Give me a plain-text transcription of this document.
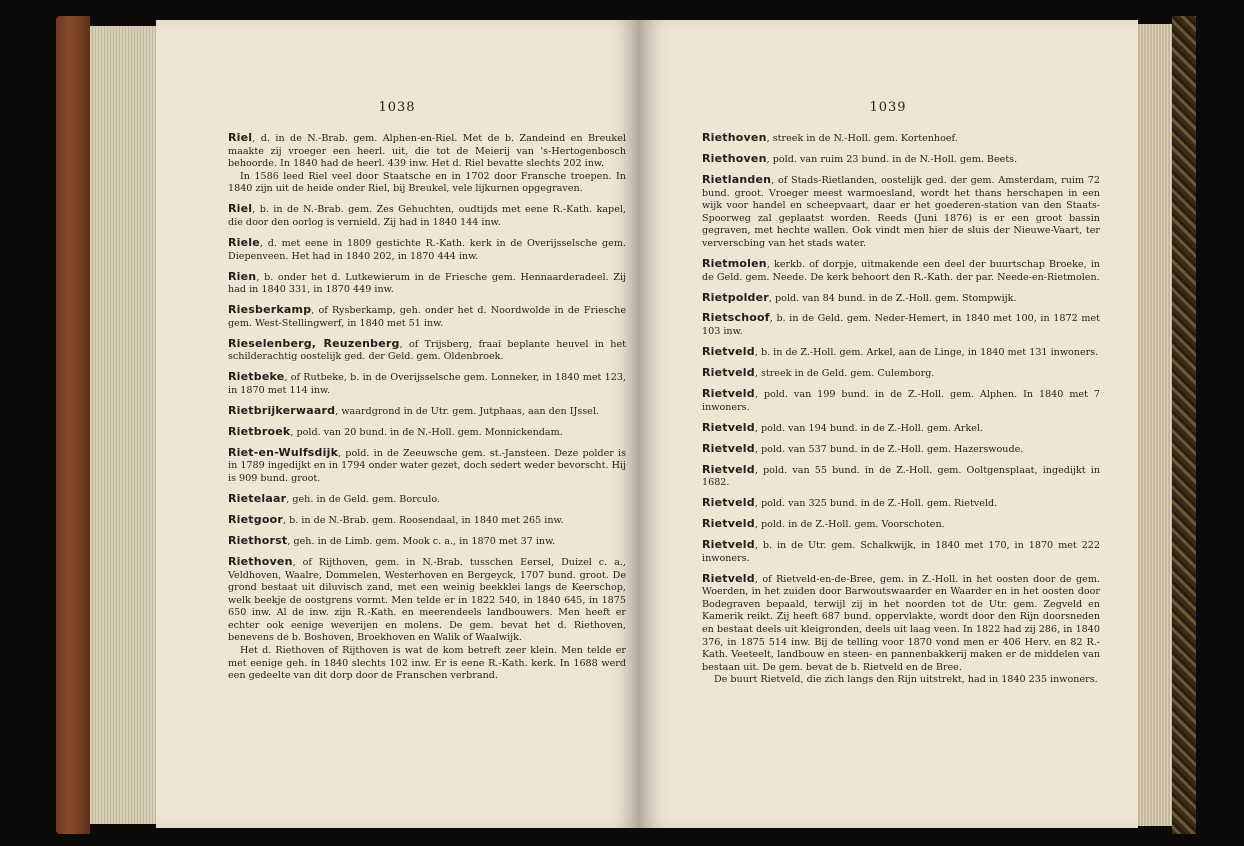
1038

Riel, d. in de N.-Brab. gem. Alphen-en-Riel. Met de b. Zandeind en Breukel maakte zij vroeger een heerl. uit, die tot de Meierij van 's-Hertogenbosch behoorde. In 1840 had de heerl. 439 inw. Het d. Riel bevatte slechts 202 inw.

In 1586 leed Riel veel door Staatsche en in 1702 door Fransche troepen. In 1840 zijn uit de heide onder Riel, bij Breukel, vele lijkurnen opgegraven.

Riel, b. in de N.-Brab. gem. Zes Gehuchten, oudtijds met eene R.-Kath. kapel, die door den oorlog is vernield. Zij had in 1840 144 inw.

Riele, d. met eene in 1809 gestichte R.-Kath. kerk in de Overijsselsche gem. Diepenveen. Het had in 1840 202, in 1870 444 inw.

Rien, b. onder het d. Lutkewierum in de Friesche gem. Hennaarderadeel. Zij had in 1840 331, in 1870 449 inw.

Riesberkamp, of Rysberkamp, geh. onder het d. Noordwolde in de Friesche gem. West-Stellingwerf, in 1840 met 51 inw.

Rieselenberg, Reuzenberg, of Trijsberg, fraai beplante heuvel in het schilderachtig oostelijk ged. der Geld. gem. Oldenbroek.

Rietbeke, of Rutbeke, b. in de Overijsselsche gem. Lonneker, in 1840 met 123, in 1870 met 114 inw.

Rietbrijkerwaard, waardgrond in de Utr. gem. Jutphaas, aan den IJssel.

Rietbroek, pold. van 20 bund. in de N.-Holl. gem. Monnickendam.

Riet-en-Wulfsdijk, pold. in de Zeeuwsche gem. st.-Jansteen. Deze polder is in 1789 ingedijkt en in 1794 onder water gezet, doch sedert weder bevorscht. Hij is 909 bund. groot.

Rietelaar, geh. in de Geld. gem. Borculo.

Rietgoor, b. in de N.-Brab. gem. Roosendaal, in 1840 met 265 inw.

Riethorst, geh. in de Limb. gem. Mook c. a., in 1870 met 37 inw.

Riethoven, of Rijthoven, gem. in N.-Brab. tusschen Eersel, Duizel c. a., Veldhoven, Waalre, Dommelen, Westerhoven en Bergeyck, 1707 bund. groot. De grond bestaat uit diluvisch zand, met een weinig beekklei langs de Keerschop, welk beekje de oostgrens vormt. Men telde er in 1822 540, in 1840 645, in 1875 650 inw. Al de inw. zijn R.-Kath. en meerendeels landbouwers. Men heeft er echter ook eenige weverijen en molens. De gem. bevat het d. Riethoven, benevens de b. Boshoven, Broekhoven en Walik of Waalwijk.

Het d. Riethoven of Rijthoven is wat de kom betreft zeer klein. Men telde er met eenige geh. in 1840 slechts 102 inw. Er is eene R.-Kath. kerk. In 1688 werd een gedeelte van dit dorp door de Franschen verbrand.

1039

Riethoven, streek in de N.-Holl. gem. Kortenhoef.

Riethoven, pold. van ruim 23 bund. in de N.-Holl. gem. Beets.

Rietlanden, of Stads-Rietlanden, oostelijk ged. der gem. Amsterdam, ruim 72 bund. groot. Vroeger meest warmoesland, wordt het thans herschapen in een wijk voor handel en scheepvaart, daar er het goederen-station van den Staats-Spoorweg zal geplaatst worden. Reeds (Juni 1876) is er een groot bassin gegraven, met hechte wallen. Ook vindt men hier de sluis der Nieuwe-Vaart, ter ververscbing van het stads water.

Rietmolen, kerkb. of dorpje, uitmakende een deel der buurtschap Broeke, in de Geld. gem. Neede. De kerk behoort den R.-Kath. der par. Neede-en-Rietmolen.

Rietpolder, pold. van 84 bund. in de Z.-Holl. gem. Stompwijk.

Rietschoof, b. in de Geld. gem. Neder-Hemert, in 1840 met 100, in 1872 met 103 inw.

Rietveld, b. in de Z.-Holl. gem. Arkel, aan de Linge, in 1840 met 131 inwoners.

Rietveld, streek in de Geld. gem. Culemborg.

Rietveld, pold. van 199 bund. in de Z.-Holl. gem. Alphen. In 1840 met 7 inwoners.

Rietveld, pold. van 194 bund. in de Z.-Holl. gem. Arkel.

Rietveld, pold. van 537 bund. in de Z.-Holl. gem. Hazerswoude.

Rietveld, pold. van 55 bund. in de Z.-Holl. gem. Ooltgensplaat, ingedijkt in 1682.

Rietveld, pold. van 325 bund. in de Z.-Holl. gem. Rietveld.

Rietveld, pold. in de Z.-Holl. gem. Voorschoten.

Rietveld, b. in de Utr. gem. Schalkwijk, in 1840 met 170, in 1870 met 222 inwoners.

Rietveld, of Rietveld-en-de-Bree, gem. in Z.-Holl. in het oosten door de gem. Woerden, in het zuiden door Barwoutswaarder en Waarder en in het oosten door Bodegraven bepaald, terwijl zij in het noorden tot de Utr. gem. Zegveld en Kamerik reikt. Zij heeft 687 bund. oppervlakte, wordt door den Rijn doorsneden en bestaat deels uit kleigronden, deels uit laag veen. In 1822 had zij 286, in 1840 376, in 1875 514 inw. Bij de telling voor 1870 vond men er 406 Herv. en 82 R.-Kath. Veeteelt, landbouw en steen- en pannenbakkerij maken er de middelen van bestaan uit. De gem. bevat de b. Rietveld en de Bree.

De buurt Rietveld, die zich langs den Rijn uitstrekt, had in 1840 235 inwoners.
